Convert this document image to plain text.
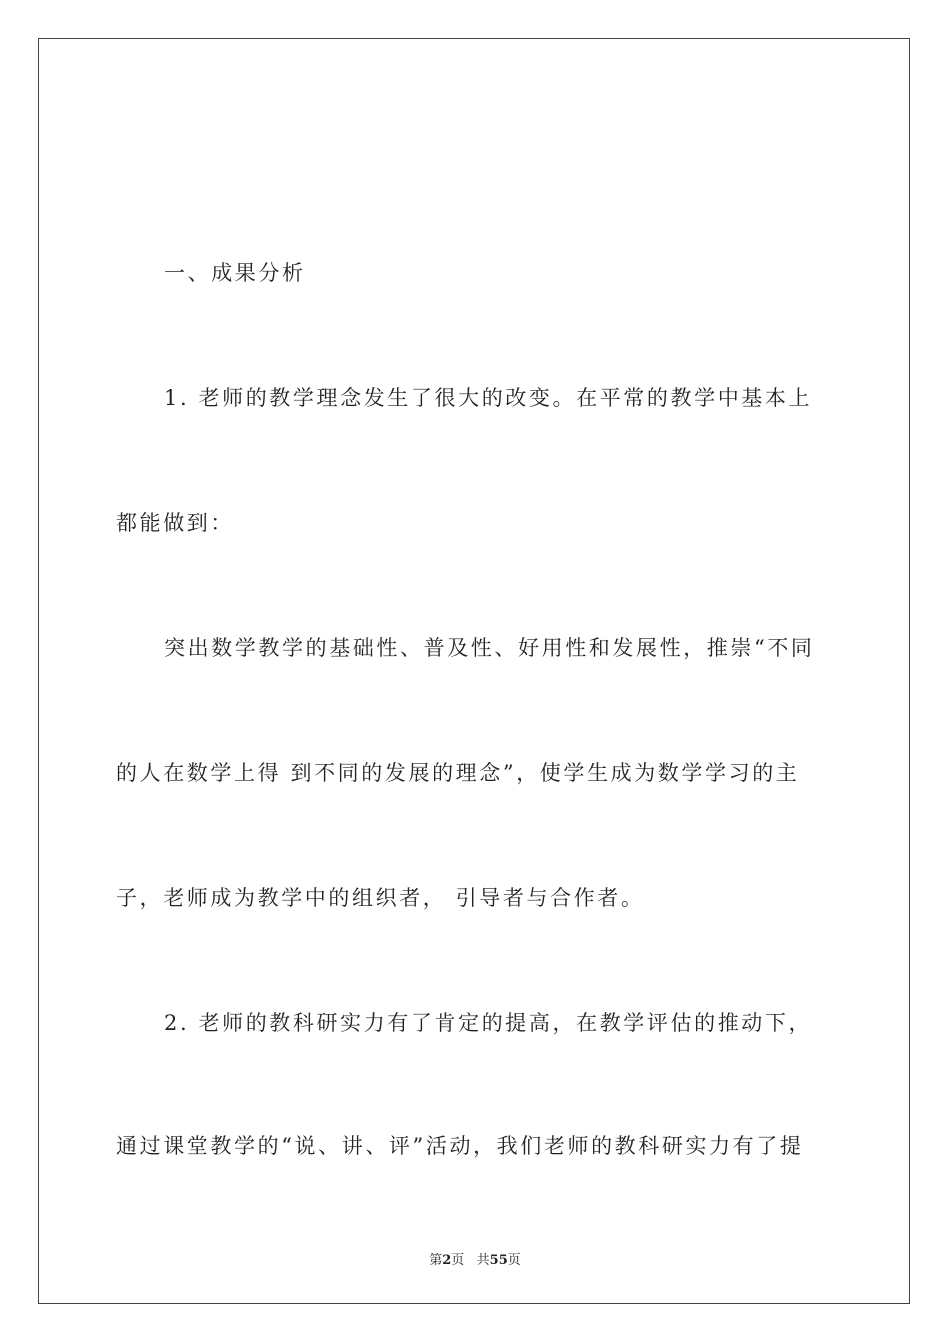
一、成果分析
1. 老师的教学理念发生了很大的改变。在平常的教学中基本上
都能做到：
突出数学教学的基础性、普及性、好用性和发展性，推崇“不同
的人在数学上得 到不同的发展的理念”，使学生成为数学学习的主
子，老师成为教学中的组织者， 引导者与合作者。
2. 老师的教科研实力有了肯定的提高，在教学评估的推动下，
通过课堂教学的“说、讲、评”活动，我们老师的教科研实力有了提
第2页   共55页
